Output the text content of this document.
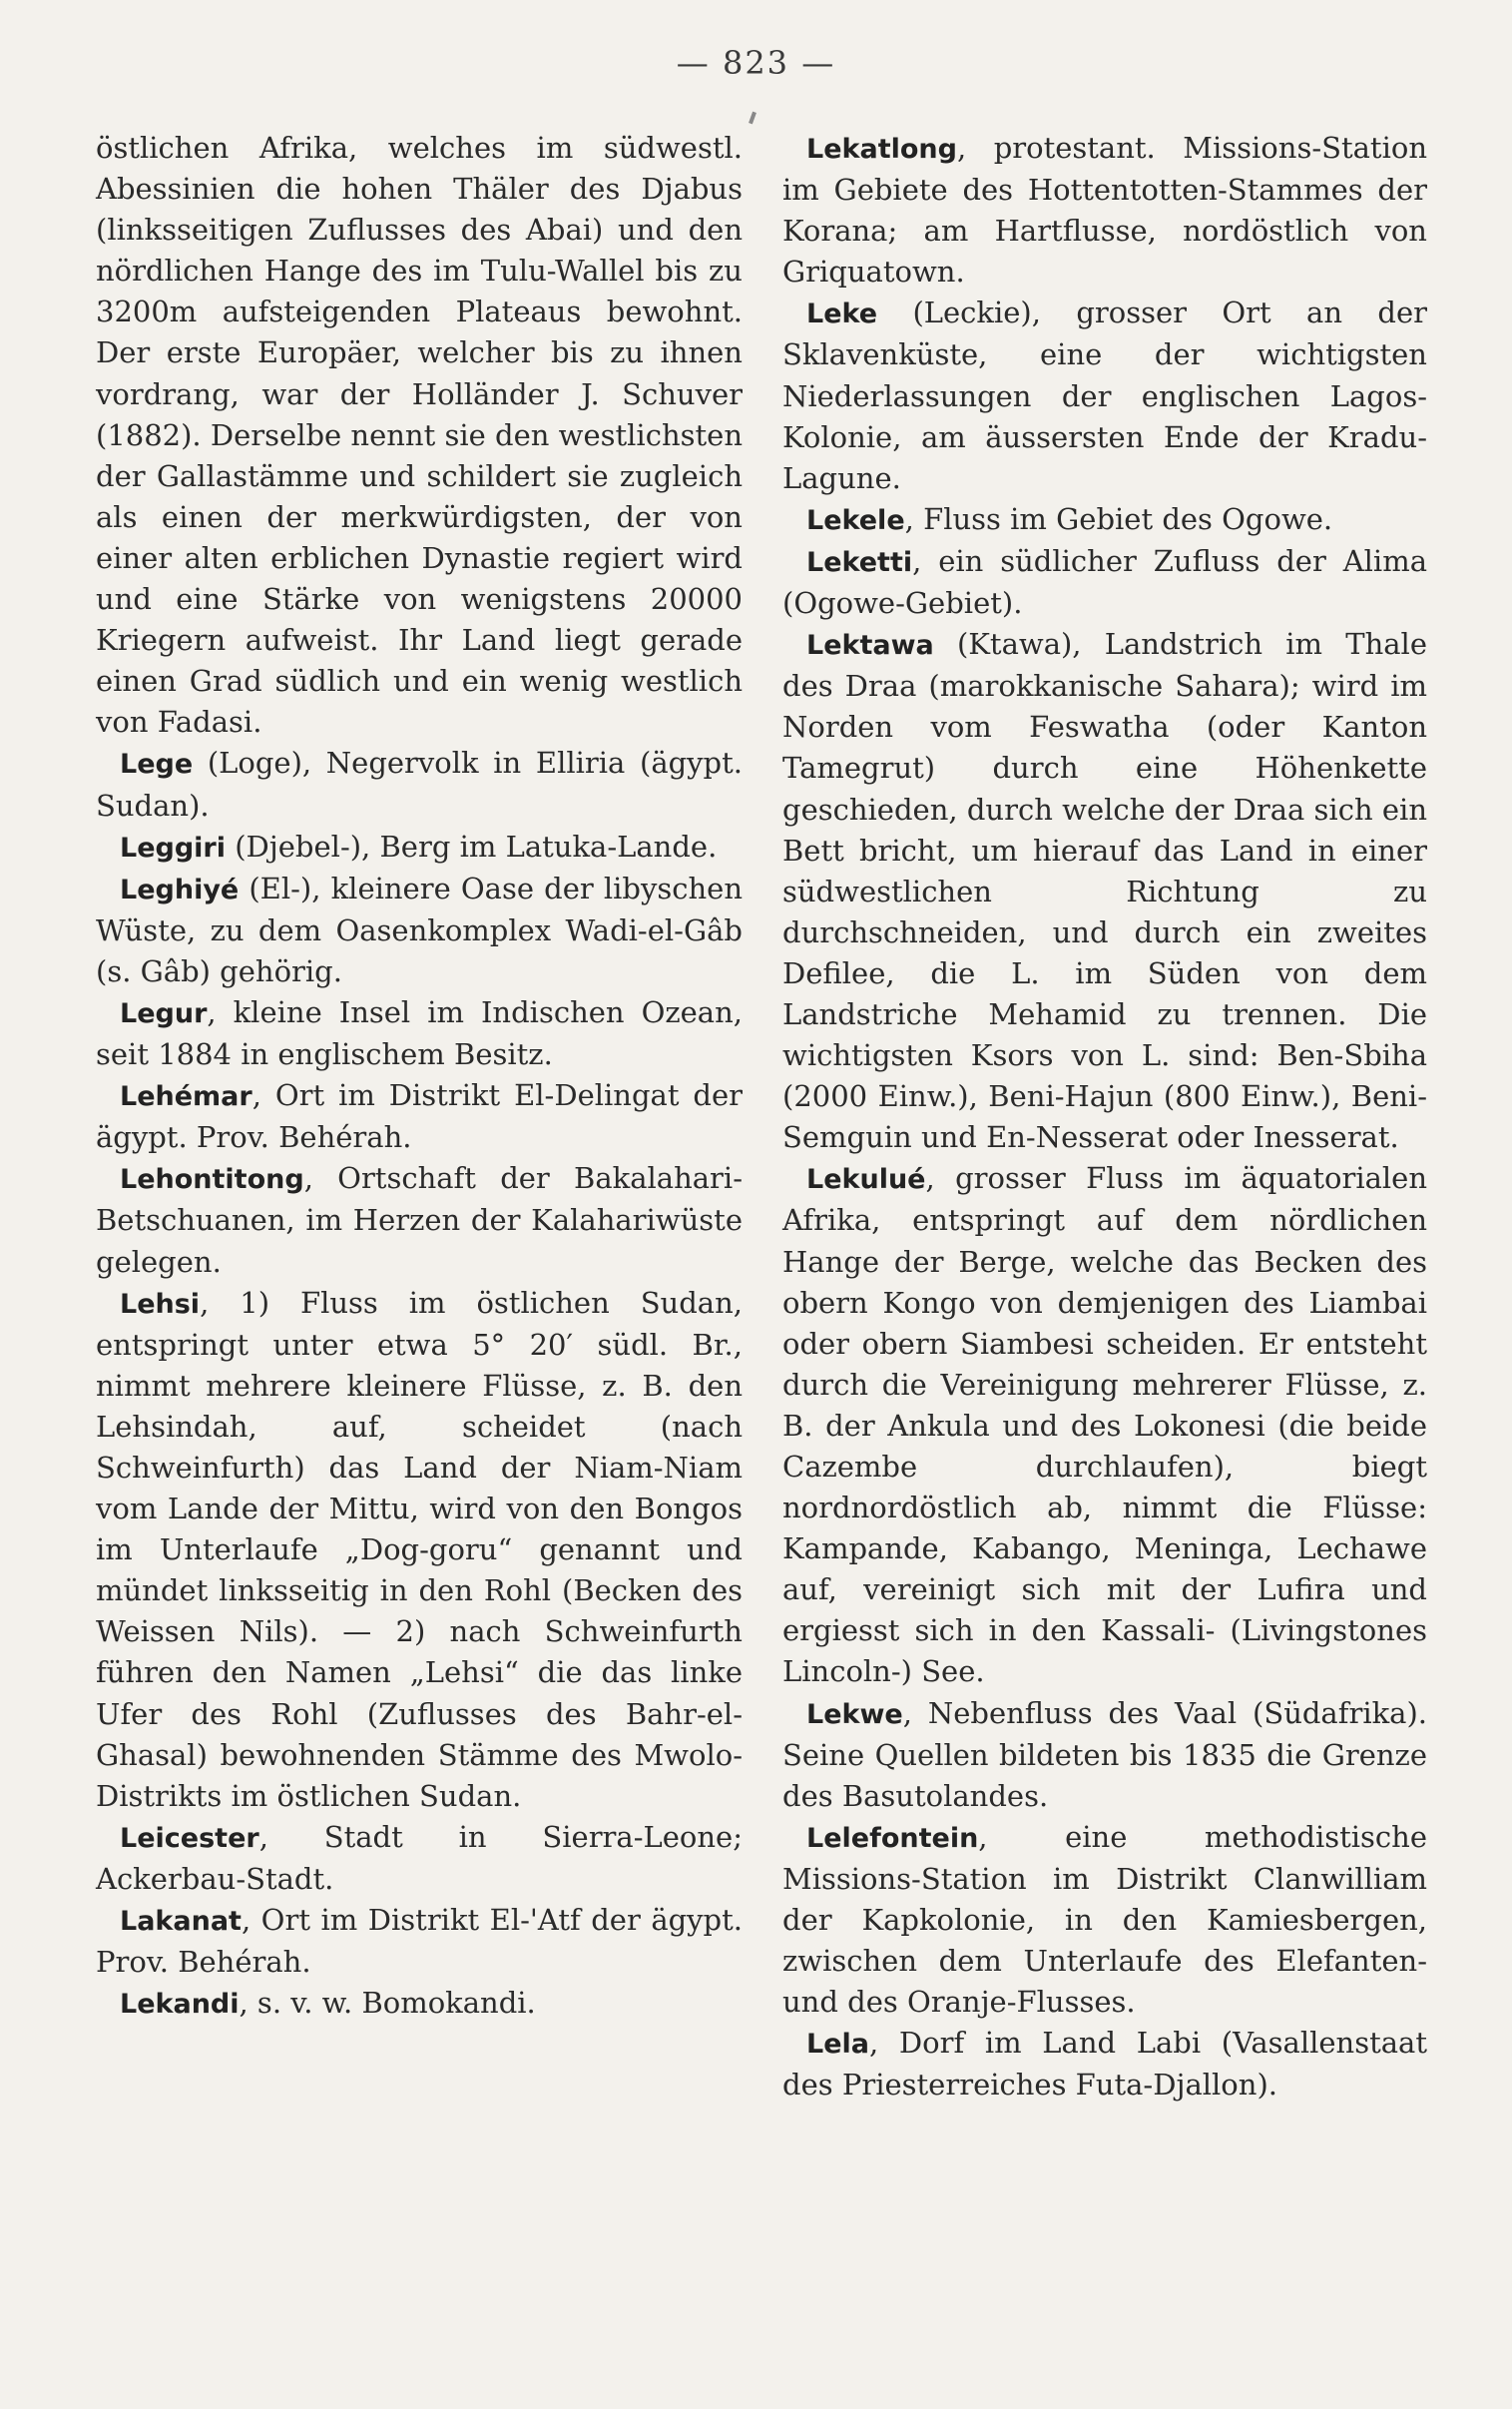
— 823 —

östlichen Afrika, welches im südwestl. Abessinien die hohen Thäler des Djabus (linksseitigen Zuflusses des Abai) und den nördlichen Hange des im Tulu-Wallel bis zu 3200m aufsteigenden Plateaus bewohnt. Der erste Europäer, welcher bis zu ihnen vordrang, war der Holländer J. Schuver (1882). Derselbe nennt sie den westlichsten der Gallastämme und schildert sie zugleich als einen der merkwürdigsten, der von einer alten erblichen Dynastie regiert wird und eine Stärke von wenigstens 20000 Kriegern aufweist. Ihr Land liegt gerade einen Grad südlich und ein wenig westlich von Fadasi.

Lege (Loge), Negervolk in Elliria (ägypt. Sudan).

Leggiri (Djebel-), Berg im Latuka-Lande.

Leghiyé (El-), kleinere Oase der libyschen Wüste, zu dem Oasenkomplex Wadi-el-Gâb (s. Gâb) gehörig.

Legur, kleine Insel im Indischen Ozean, seit 1884 in englischem Besitz.

Lehémar, Ort im Distrikt El-Delingat der ägypt. Prov. Behérah.

Lehontitong, Ortschaft der Bakalahari-Betschuanen, im Herzen der Kalahariwüste gelegen.

Lehsi, 1) Fluss im östlichen Sudan, entspringt unter etwa 5° 20′ südl. Br., nimmt mehrere kleinere Flüsse, z. B. den Lehsindah, auf, scheidet (nach Schweinfurth) das Land der Niam-Niam vom Lande der Mittu, wird von den Bongos im Unterlaufe „Dog-goru“ genannt und mündet linksseitig in den Rohl (Becken des Weissen Nils). — 2) nach Schweinfurth führen den Namen „Lehsi“ die das linke Ufer des Rohl (Zuflusses des Bahr-el-Ghasal) bewohnenden Stämme des Mwolo-Distrikts im östlichen Sudan.

Leicester, Stadt in Sierra-Leone; Ackerbau-Stadt.

Lakanat, Ort im Distrikt El-'Atf der ägypt. Prov. Behérah.

Lekandi, s. v. w. Bomokandi.

Lekatlong, protestant. Missions-Station im Gebiete des Hottentotten-Stammes der Korana; am Hartflusse, nordöstlich von Griquatown.

Leke (Leckie), grosser Ort an der Sklavenküste, eine der wichtigsten Niederlassungen der englischen Lagos-Kolonie, am äussersten Ende der Kradu-Lagune.

Lekele, Fluss im Gebiet des Ogowe.

Leketti, ein südlicher Zufluss der Alima (Ogowe-Gebiet).

Lektawa (Ktawa), Landstrich im Thale des Draa (marokkanische Sahara); wird im Norden vom Feswatha (oder Kanton Tamegrut) durch eine Höhenkette geschieden, durch welche der Draa sich ein Bett bricht, um hierauf das Land in einer südwestlichen Richtung zu durchschneiden, und durch ein zweites Defilee, die L. im Süden von dem Landstriche Mehamid zu trennen. Die wichtigsten Ksors von L. sind: Ben-Sbiha (2000 Einw.), Beni-Hajun (800 Einw.), Beni-Semguin und En-Nesserat oder Inesserat.

Lekulué, grosser Fluss im äquatorialen Afrika, entspringt auf dem nördlichen Hange der Berge, welche das Becken des obern Kongo von demjenigen des Liambai oder obern Siambesi scheiden. Er entsteht durch die Vereinigung mehrerer Flüsse, z. B. der Ankula und des Lokonesi (die beide Cazembe durchlaufen), biegt nordnordöstlich ab, nimmt die Flüsse: Kampande, Kabango, Meninga, Lechawe auf, vereinigt sich mit der Lufira und ergiesst sich in den Kassali- (Livingstones Lincoln-) See.

Lekwe, Nebenfluss des Vaal (Südafrika). Seine Quellen bildeten bis 1835 die Grenze des Basutolandes.

Lelefontein, eine methodistische Missions-Station im Distrikt Clanwilliam der Kapkolonie, in den Kamiesbergen, zwischen dem Unterlaufe des Elefanten- und des Oranje-Flusses.

Lela, Dorf im Land Labi (Vasallenstaat des Priesterreiches Futa-Djallon).
